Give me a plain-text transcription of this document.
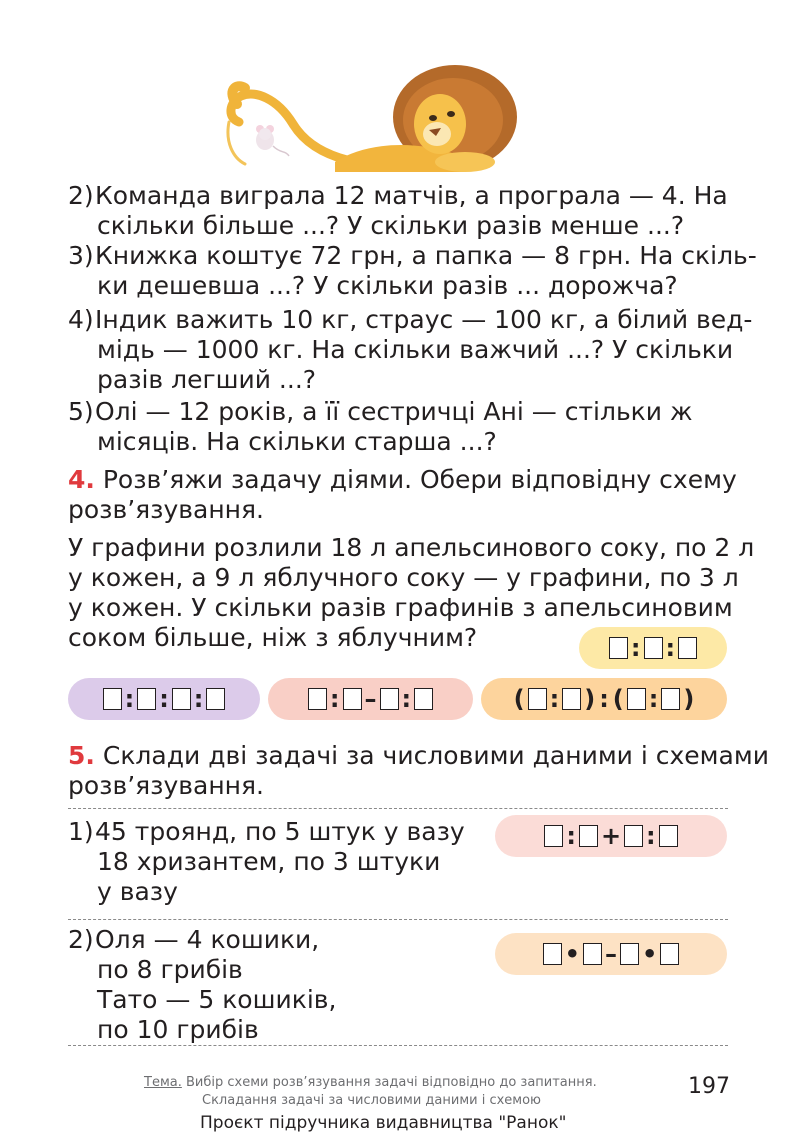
2)Команда виграла 12 матчів, а програла — 4. На
скільки більше ...? У скільки разів менше ...?
3)Книжка коштує 72 грн, а папка — 8 грн. На скіль-
ки дешевша ...? У скільки разів ... дорожча?
4)Індик важить 10 кг, страус — 100 кг, а білий вед-
мідь — 1000 кг. На скільки важчий ...? У скільки
разів легший ...?
5)Олі — 12 років, а її сестричці Ані — стільки ж
місяців. На скільки старша ...?
4. Розв’яжи задачу діями. Обери відповідну схему
розв’язування.
У графини розлили 18 л апельсинового соку, по 2 л
у кожен, а 9 л яблучного соку — у графини, по 3 л
у кожен. У скільки разів графинів з апельсиновим
соком більше, ніж з яблучним?	: :
: : :	: – :	( : ) : ( : )
5. Склади дві задачі за числовими даними і схемами
розв’язування.
1)45 троянд, по 5 штук у вазу
18 хризантем, по 3 штуки
у вазу
: + :
2)Оля — 4 кошики,
по 8 грибів
Тато — 5 кошиків,
по 10 грибів
• – •
Тема. Вибір схеми розв’язування задачі відповідно до запитання.
Складання задачі за числовими даними і схемою
197
Проєкт підручника видавництва "Ранок"
